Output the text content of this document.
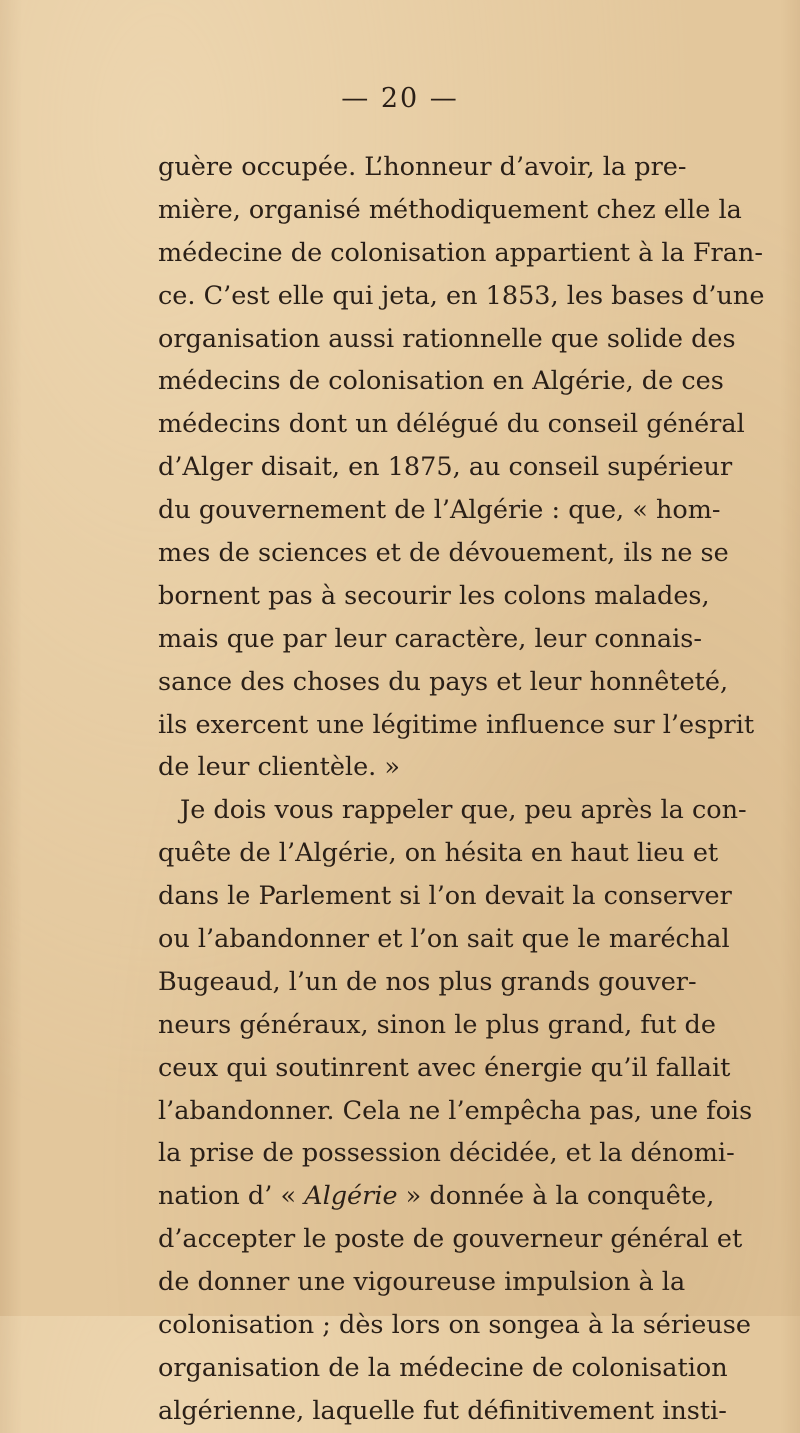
— 20 —
guère occupée. L’honneur d’avoir, la pre-
mière, organisé méthodiquement chez elle la
médecine de colonisation appartient à la Fran-
ce. C’est elle qui jeta, en 1853, les bases d’une
organisation aussi rationnelle que solide des
médecins de colonisation en Algérie, de ces
médecins dont un délégué du conseil général
d’Alger disait, en 1875, au conseil supérieur
du gouvernement de l’Algérie : que, « hom-
mes de sciences et de dévouement, ils ne se
bornent pas à secourir les colons malades,
mais que par leur caractère, leur connais-
sance des choses du pays et leur honnêteté,
ils exercent une légitime influence sur l’esprit
de leur clientèle. »
Je dois vous rappeler que, peu après la con-
quête de l’Algérie, on hésita en haut lieu et
dans le Parlement si l’on devait la conserver
ou l’abandonner et l’on sait que le maréchal
Bugeaud, l’un de nos plus grands gouver-
neurs généraux, sinon le plus grand, fut de
ceux qui soutinrent avec énergie qu’il fallait
l’abandonner. Cela ne l’empêcha pas, une fois
la prise de possession décidée, et la dénomi-
nation d’ « Algérie » donnée à la conquête,
d’accepter le poste de gouverneur général et
de donner une vigoureuse impulsion à la
colonisation ; dès lors on songea à la sérieuse
organisation de la médecine de colonisation
algérienne, laquelle fut définitivement insti-
